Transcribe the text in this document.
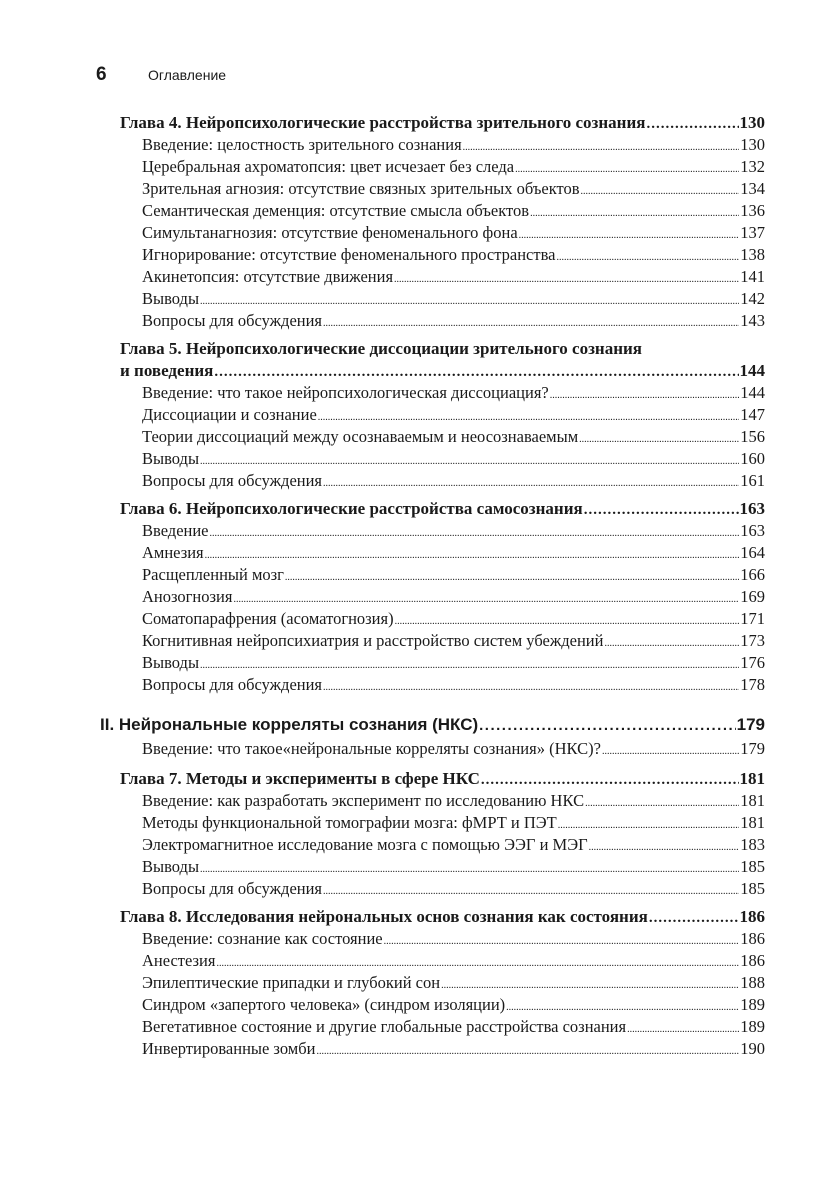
6	Оглавление
Глава 4. Нейропсихологические расстройства зрительного сознания .....	130
Введение: целостность зрительного сознания .....	130
Церебральная ахроматопсия: цвет исчезает без следа .....	132
Зрительная агнозия: отсутствие связных зрительных объектов .....	134
Семантическая деменция: отсутствие смысла объектов .....	136
Симультанагнозия: отсутствие феноменального фона .....	137
Игнорирование: отсутствие феноменального пространства .....	138
Акинетопсия: отсутствие движения .....	141
Выводы .....	142
Вопросы для обсуждения .....	143
Глава 5. Нейропсихологические диссоциации зрительного сознания
и поведения .....	144
Введение: что такое нейропсихологическая диссоциация? .....	144
Диссоциации и сознание .....	147
Теории диссоциаций между осознаваемым и неосознаваемым .....	156
Выводы .....	160
Вопросы для обсуждения .....	161
Глава 6. Нейропсихологические расстройства самосознания .....	163
Введение .....	163
Амнезия .....	164
Расщепленный мозг .....	166
Анозогнозия .....	169
Соматопарафрения (асоматогнозия) .....	171
Когнитивная нейропсихиатрия и расстройство систем убеждений .....	173
Выводы .....	176
Вопросы для обсуждения .....	178
II. Нейрональные корреляты сознания (НКС) .....	179
Введение: что такое«нейрональные корреляты сознания» (НКС)? .....	179
Глава 7. Методы и эксперименты в сфере НКС .....	181
Введение: как разработать эксперимент по исследованию НКС .....	181
Методы функциональной томографии мозга: фМРТ и ПЭТ .....	181
Электромагнитное исследование мозга с помощью ЭЭГ и МЭГ .....	183
Выводы .....	185
Вопросы для обсуждения .....	185
Глава 8. Исследования нейрональных основ сознания как состояния .....	186
Введение: сознание как состояние .....	186
Анестезия .....	186
Эпилептические припадки и глубокий сон .....	188
Синдром «запертого человека» (синдром изоляции) .....	189
Вегетативное состояние и другие глобальные расстройства сознания .....	189
Инвертированные зомби .....	190
